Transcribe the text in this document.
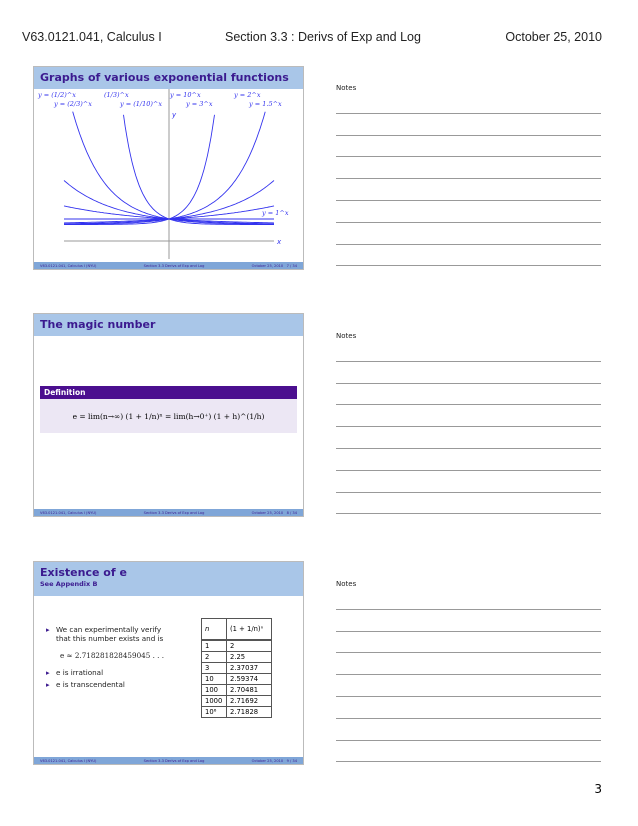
V63.0121.041, Calculus I	Section 3.3 : Derivs of Exp and Log	October 25, 2010
Graphs of various exponential functions
y = (1/2)^x
y = (2/3)^x
(1/3)^x
y = (1/10)^x
y = 10^x
y = 3^x
y = 2^x
y = 1.5^x
y = 1^x
x
y
V63.0121.041, Calculus I (NYU)	Section 3.3 Derivs of Exp and Log	October 25, 2010 7 / 34
The magic number
Definition
e = lim(n→∞) (1 + 1/n)ⁿ = lim(h→0⁺) (1 + h)^(1/h)
V63.0121.041, Calculus I (NYU)	Section 3.3 Derivs of Exp and Log	October 25, 2010 8 / 34
Existence of e
See Appendix B
▸ We can experimentally verify that this number exists and is
e ≈ 2.718281828459045 . . .
▸ e is irrational
▸ e is transcendental
n	(1 + 1/n)ⁿ
1	2
2	2.25
3	2.37037
10	2.59374
100	2.70481
1000	2.71692
10⁶	2.71828
V63.0121.041, Calculus I (NYU)	Section 3.3 Derivs of Exp and Log	October 25, 2010 9 / 34
Notes
Notes
Notes
3
